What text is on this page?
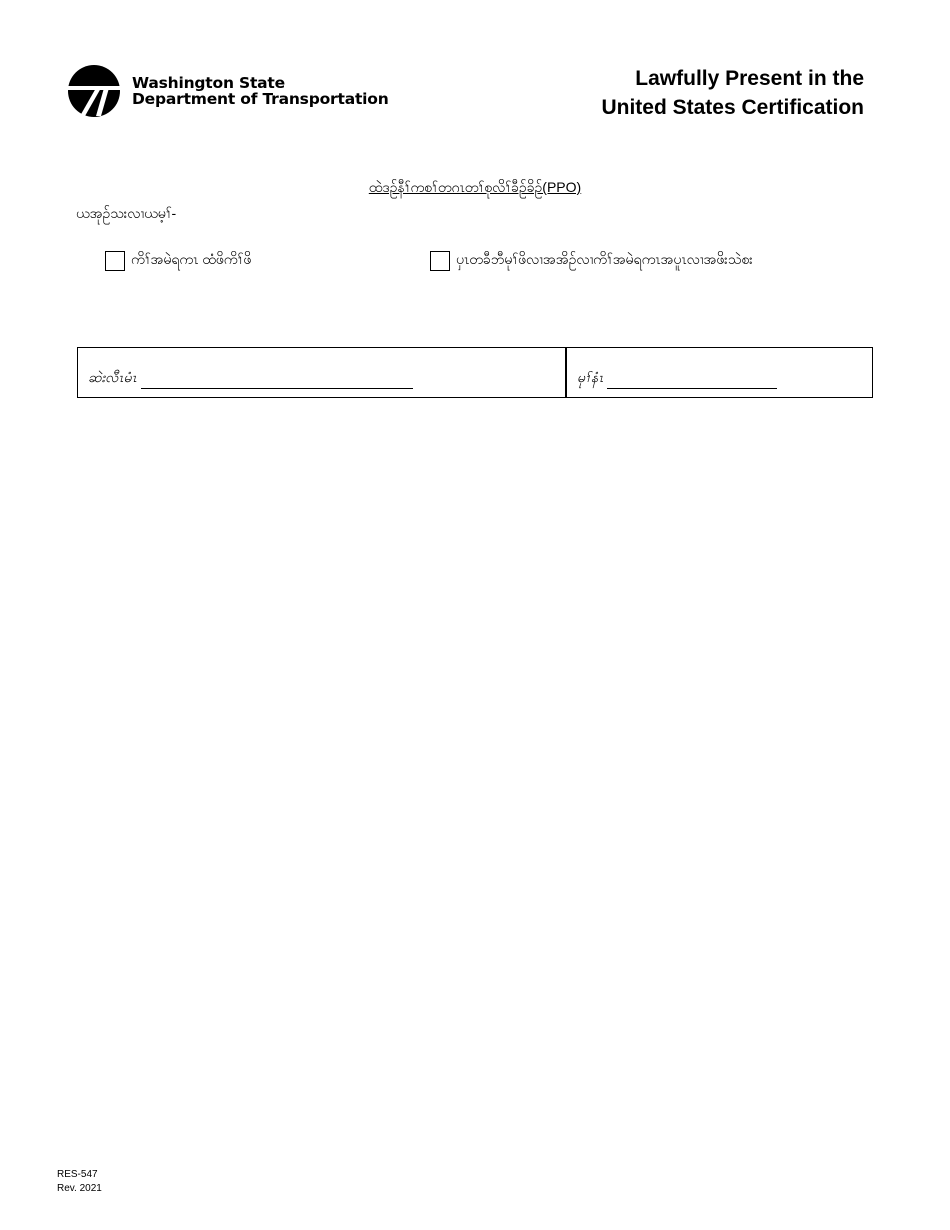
Washington State
Department of Transportation
Lawfully Present in the
United States Certification
ထဲဒဉ်နီၢ်ကစၢ်တဂၤတၢ်စုလိၢ်ခီဉ်ခိဉ်(PPO)
ယအုဉ်သးလၢယမ့ၢ်-
ကိၢ်အမဲရကၤ ထံဖိကိၢ်ဖိ	ပှၤတခီဘီမုၢ်ဖိလၢအအိဉ်လၢကိၢ်အမဲရကၤအပူၤလၢအဖိးသဲစး
ဆဲးလီၤမံၤ	မုၢ်နံၤ
RES-547
Rev. 2021
